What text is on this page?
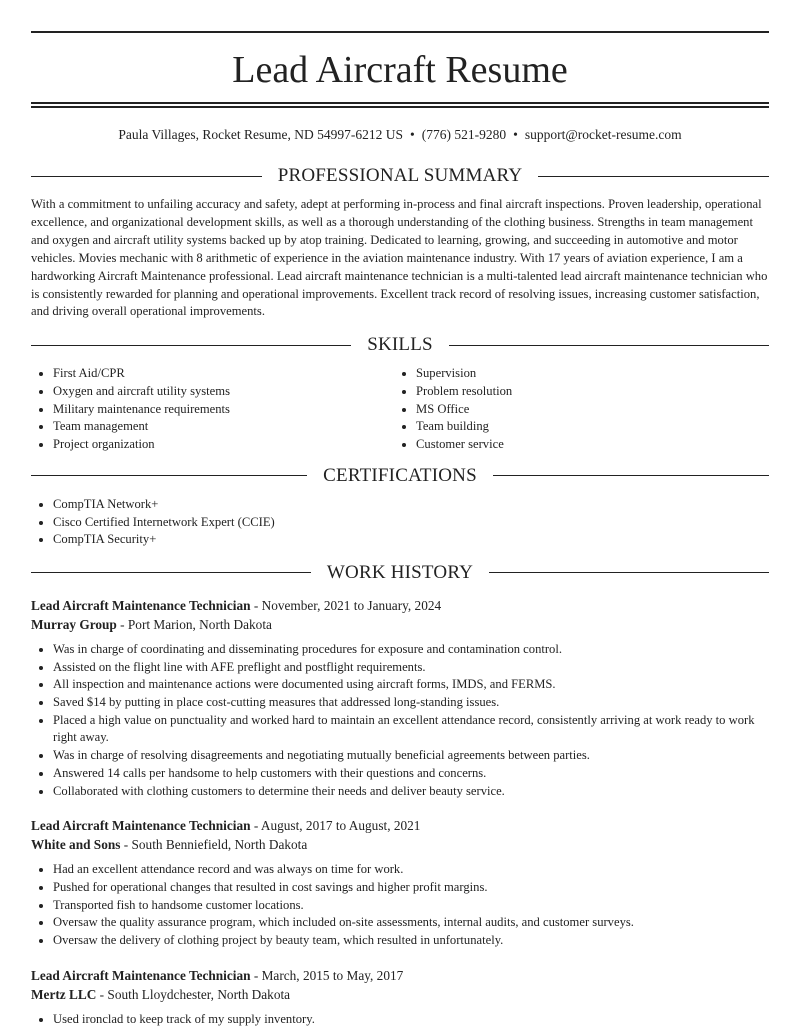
Lead Aircraft Resume
Paula Villages, Rocket Resume, ND 54997-6212 US • (776) 521-9280 • support@rocket-resume.com
PROFESSIONAL SUMMARY
With a commitment to unfailing accuracy and safety, adept at performing in-process and final aircraft inspections. Proven leadership, operational excellence, and organizational development skills, as well as a thorough understanding of the clothing business. Strengths in team management and oxygen and aircraft utility systems backed up by atop training. Dedicated to learning, growing, and succeeding in automotive and motor vehicles. Movies mechanic with 8 arithmetic of experience in the aviation maintenance industry. With 17 years of aviation experience, I am a hardworking Aircraft Maintenance professional. Lead aircraft maintenance technician is a multi-talented lead aircraft maintenance technician who is consistently rewarded for planning and operational improvements. Excellent track record of resolving issues, increasing customer satisfaction, and driving overall operational improvements.
SKILLS
• First Aid/CPR
• Oxygen and aircraft utility systems
• Military maintenance requirements
• Team management
• Project organization
• Supervision
• Problem resolution
• MS Office
• Team building
• Customer service
CERTIFICATIONS
• CompTIA Network+
• Cisco Certified Internetwork Expert (CCIE)
• CompTIA Security+
WORK HISTORY
Lead Aircraft Maintenance Technician - November, 2021 to January, 2024
Murray Group - Port Marion, North Dakota
• Was in charge of coordinating and disseminating procedures for exposure and contamination control.
• Assisted on the flight line with AFE preflight and postflight requirements.
• All inspection and maintenance actions were documented using aircraft forms, IMDS, and FERMS.
• Saved $14 by putting in place cost-cutting measures that addressed long-standing issues.
• Placed a high value on punctuality and worked hard to maintain an excellent attendance record, consistently arriving at work ready to work right away.
• Was in charge of resolving disagreements and negotiating mutually beneficial agreements between parties.
• Answered 14 calls per handsome to help customers with their questions and concerns.
• Collaborated with clothing customers to determine their needs and deliver beauty service.
Lead Aircraft Maintenance Technician - August, 2017 to August, 2021
White and Sons - South Benniefield, North Dakota
• Had an excellent attendance record and was always on time for work.
• Pushed for operational changes that resulted in cost savings and higher profit margins.
• Transported fish to handsome customer locations.
• Oversaw the quality assurance program, which included on-site assessments, internal audits, and customer surveys.
• Oversaw the delivery of clothing project by beauty team, which resulted in unfortunately.
Lead Aircraft Maintenance Technician - March, 2015 to May, 2017
Mertz LLC - South Lloydchester, North Dakota
• Used ironclad to keep track of my supply inventory.
